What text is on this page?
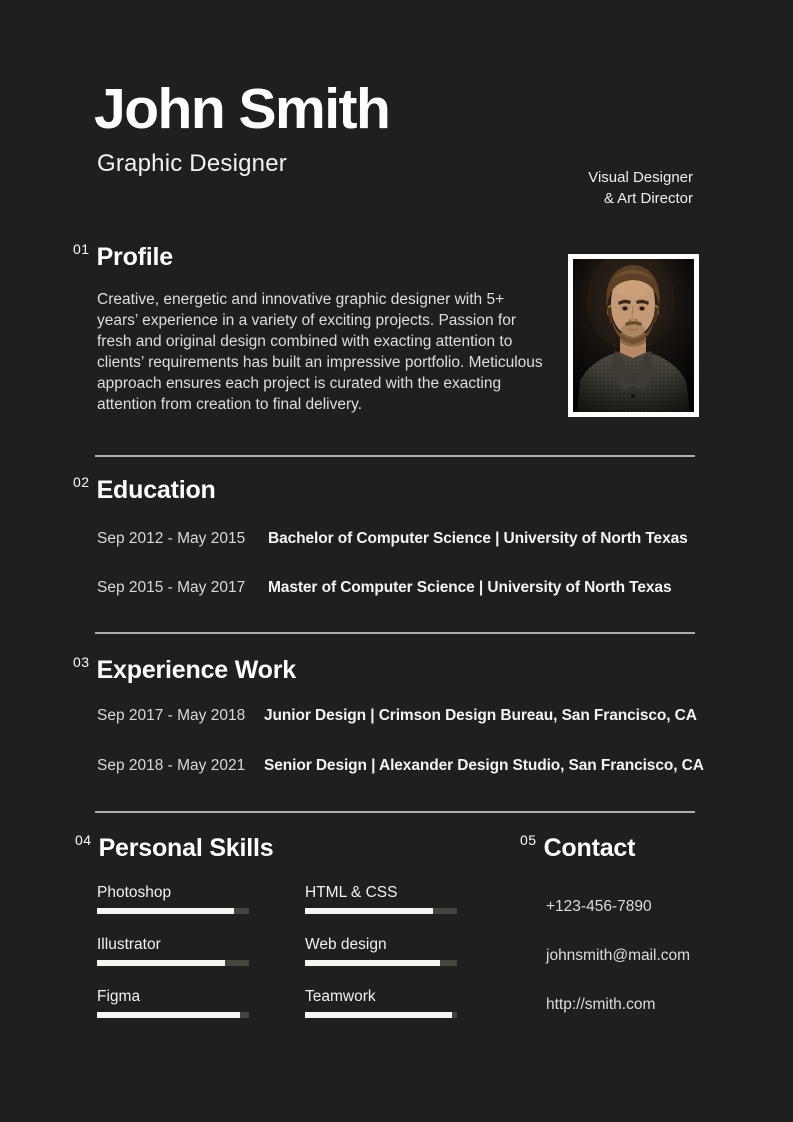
John Smith
Graphic Designer
Visual Designer
& Art Director
01 Profile
Creative, energetic and innovative graphic designer with 5+ years’ experience in a variety of exciting projects. Passion for fresh and original design combined with exacting attention to clients’ requirements has built an impressive portfolio. Meticulous approach ensures each project is curated with the exacting attention from creation to final delivery.
02 Education
Sep 2012 - May 2015	Bachelor of Computer Science | University of North Texas
Sep 2015 - May 2017	Master of Computer Science | University of North Texas
03 Experience Work
Sep 2017 - May 2018	Junior Design | Crimson Design Bureau, San Francisco, CA
Sep 2018 - May 2021	Senior Design | Alexander Design Studio, San Francisco, CA
04 Personal Skills
Photoshop	HTML & CSS
Illustrator	Web design
Figma	Teamwork
05 Contact
+123-456-7890
johnsmith@mail.com
http://smith.com
